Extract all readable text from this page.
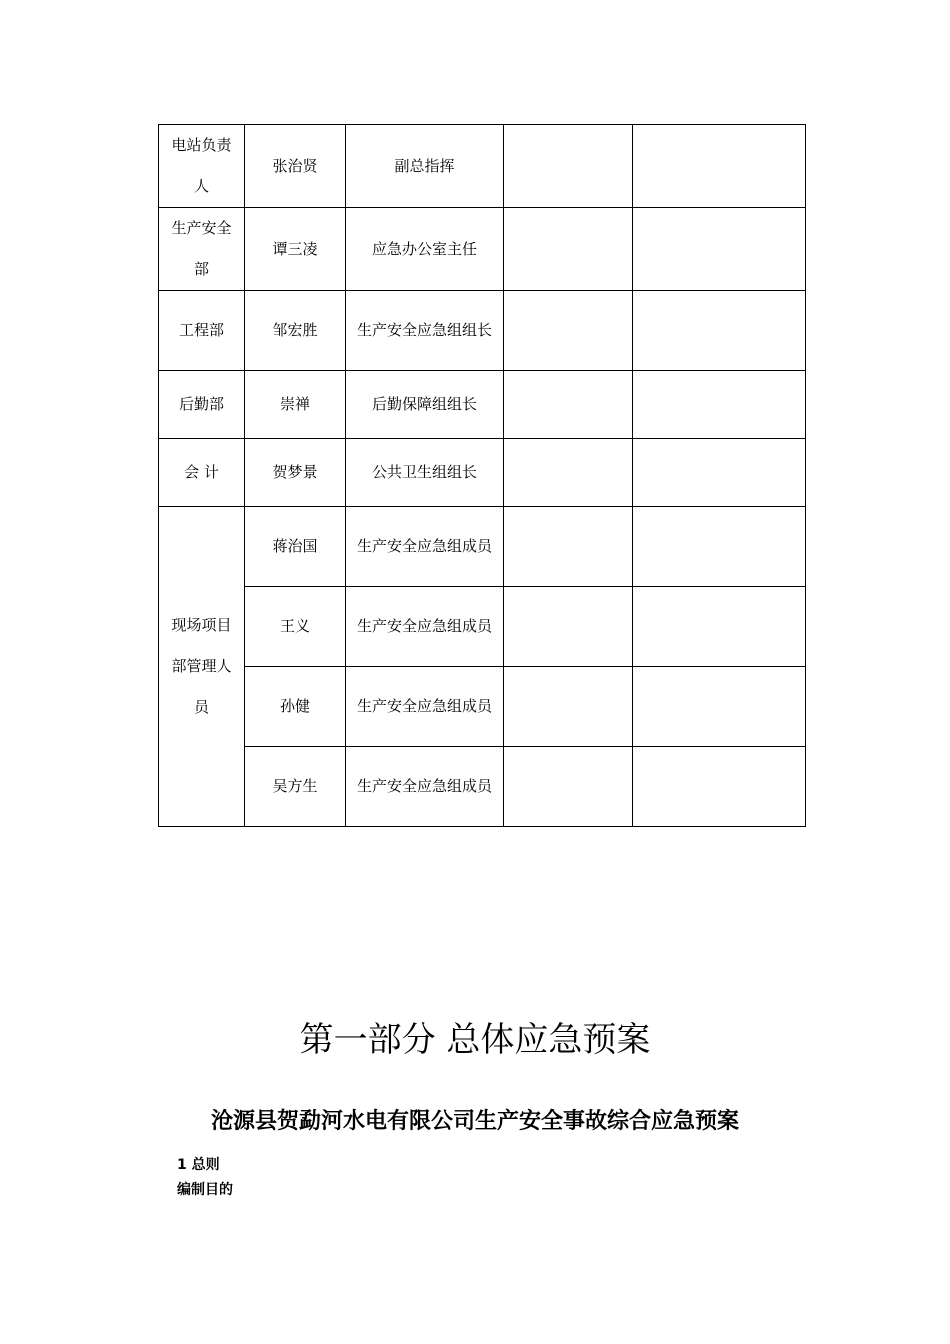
电站负责人	张治贤	副总指挥		
生产安全部	谭三凌	应急办公室主任		
工程部	邹宏胜	生产安全应急组组长		
后勤部	崇禅	后勤保障组组长		
会 计	贺梦景	公共卫生组组长		
现场项目部管理人员	蒋治国	生产安全应急组成员		
	王义	生产安全应急组成员		
	孙健	生产安全应急组成员		
	吴方生	生产安全应急组成员		
第一部分 总体应急预案
沧源县贺勐河水电有限公司生产安全事故综合应急预案
1 总则
编制目的
